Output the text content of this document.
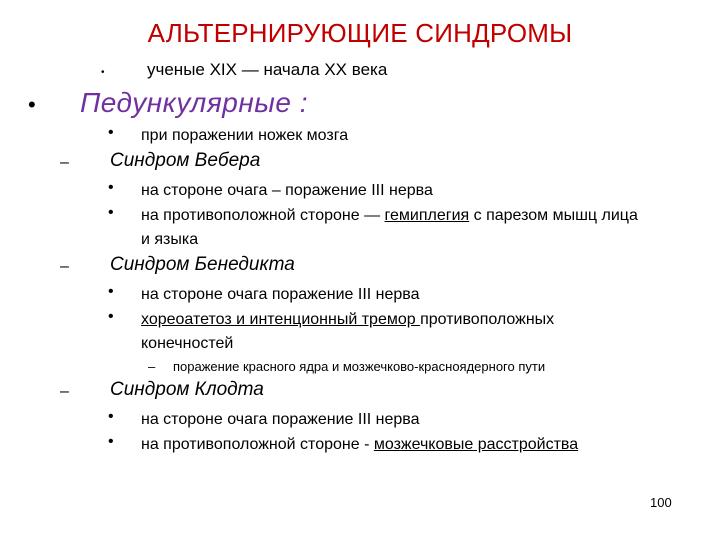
АЛЬТЕРНИРУЮЩИЕ СИНДРОМЫ
• ученые XIX — начала XX века
• Педункулярные :
• при поражении ножек мозга
– Синдром Вебера
• на стороне очага – поражение III нерва
• на противоположной стороне — гемиплегия с парезом мышц лица
и языка
– Синдром Бенедикта
• на стороне очага поражение III нерва
• хореоатетоз и интенционный тремор противоположных
конечностей
– поражение красного ядра и мозжечково-красноядерного пути
– Синдром Клодта
• на стороне очага поражение III нерва
• на противоположной стороне - мозжечковые расстройства
100
